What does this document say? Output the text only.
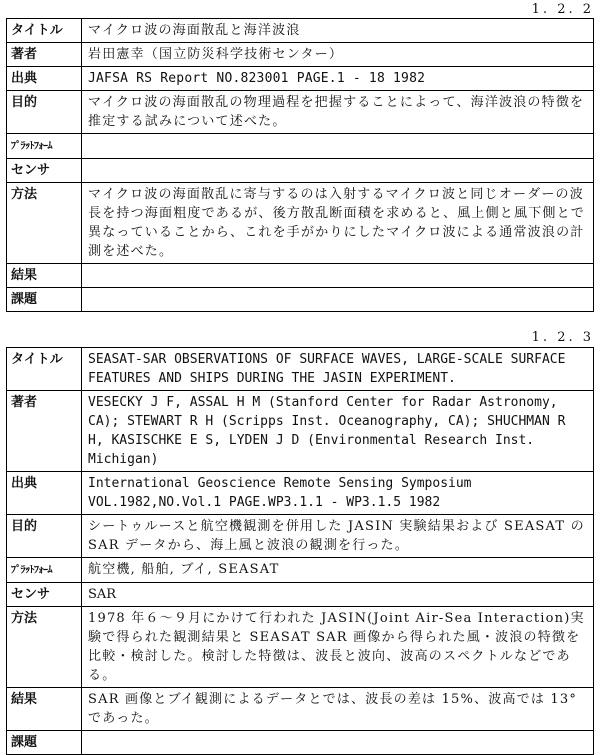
1. 2. 2
タイトル	マイクロ波の海面散乱と海洋波浪

著者	岩田憲幸（国立防災科学技術センター）
出典	JAFSA RS Report NO.823001 PAGE.1 - 18 1982
目的	マイクロ波の海面散乱の物理過程を把握することによって、海洋波浪の特徴を推定する試みについて述べた。
ﾌﾟﾗｯﾄﾌｫｰﾑ	
センサ	
方法	マイクロ波の海面散乱に寄与するのは入射するマイクロ波と同じオーダーの波長を持つ海面粗度であるが、後方散乱断面積を求めると、風上側と風下側とで異なっていることから、これを手がかりにしたマイクロ波による通常波浪の計測を述べた。
結果	
課題	
1. 2. 3
タイトル	SEASAT-SAR OBSERVATIONS OF SURFACE WAVES, LARGE-SCALE SURFACE FEATURES AND SHIPS DURING THE JASIN EXPERIMENT.
著者	VESECKY J F, ASSAL H M (Stanford Center for Radar Astronomy, CA); STEWART R H (Scripps Inst. Oceanography, CA); SHUCHMAN R H, KASISCHKE E S, LYDEN J D (Environmental Research Inst. Michigan)
出典	International Geoscience Remote Sensing Symposium
VOL.1982,NO.Vol.1 PAGE.WP3.1.1 - WP3.1.5 1982
目的	シートゥルースと航空機観測を併用した JASIN 実験結果および SEASAT の SAR データから、海上風と波浪の観測を行った。
ﾌﾟﾗｯﾄﾌｫｰﾑ	航空機, 船舶, ブイ, SEASAT
センサ	SAR
方法	1978 年６～９月にかけて行われた JASIN(Joint Air-Sea Interaction)実験で得られた観測結果と SEASAT SAR 画像から得られた風・波浪の特徴を比較・検討した。検討した特徴は、波長と波向、波高のスペクトルなどである。
結果	SAR 画像とブイ観測によるデータとでは、波長の差は 15%、波高では 13°であった。
課題	
